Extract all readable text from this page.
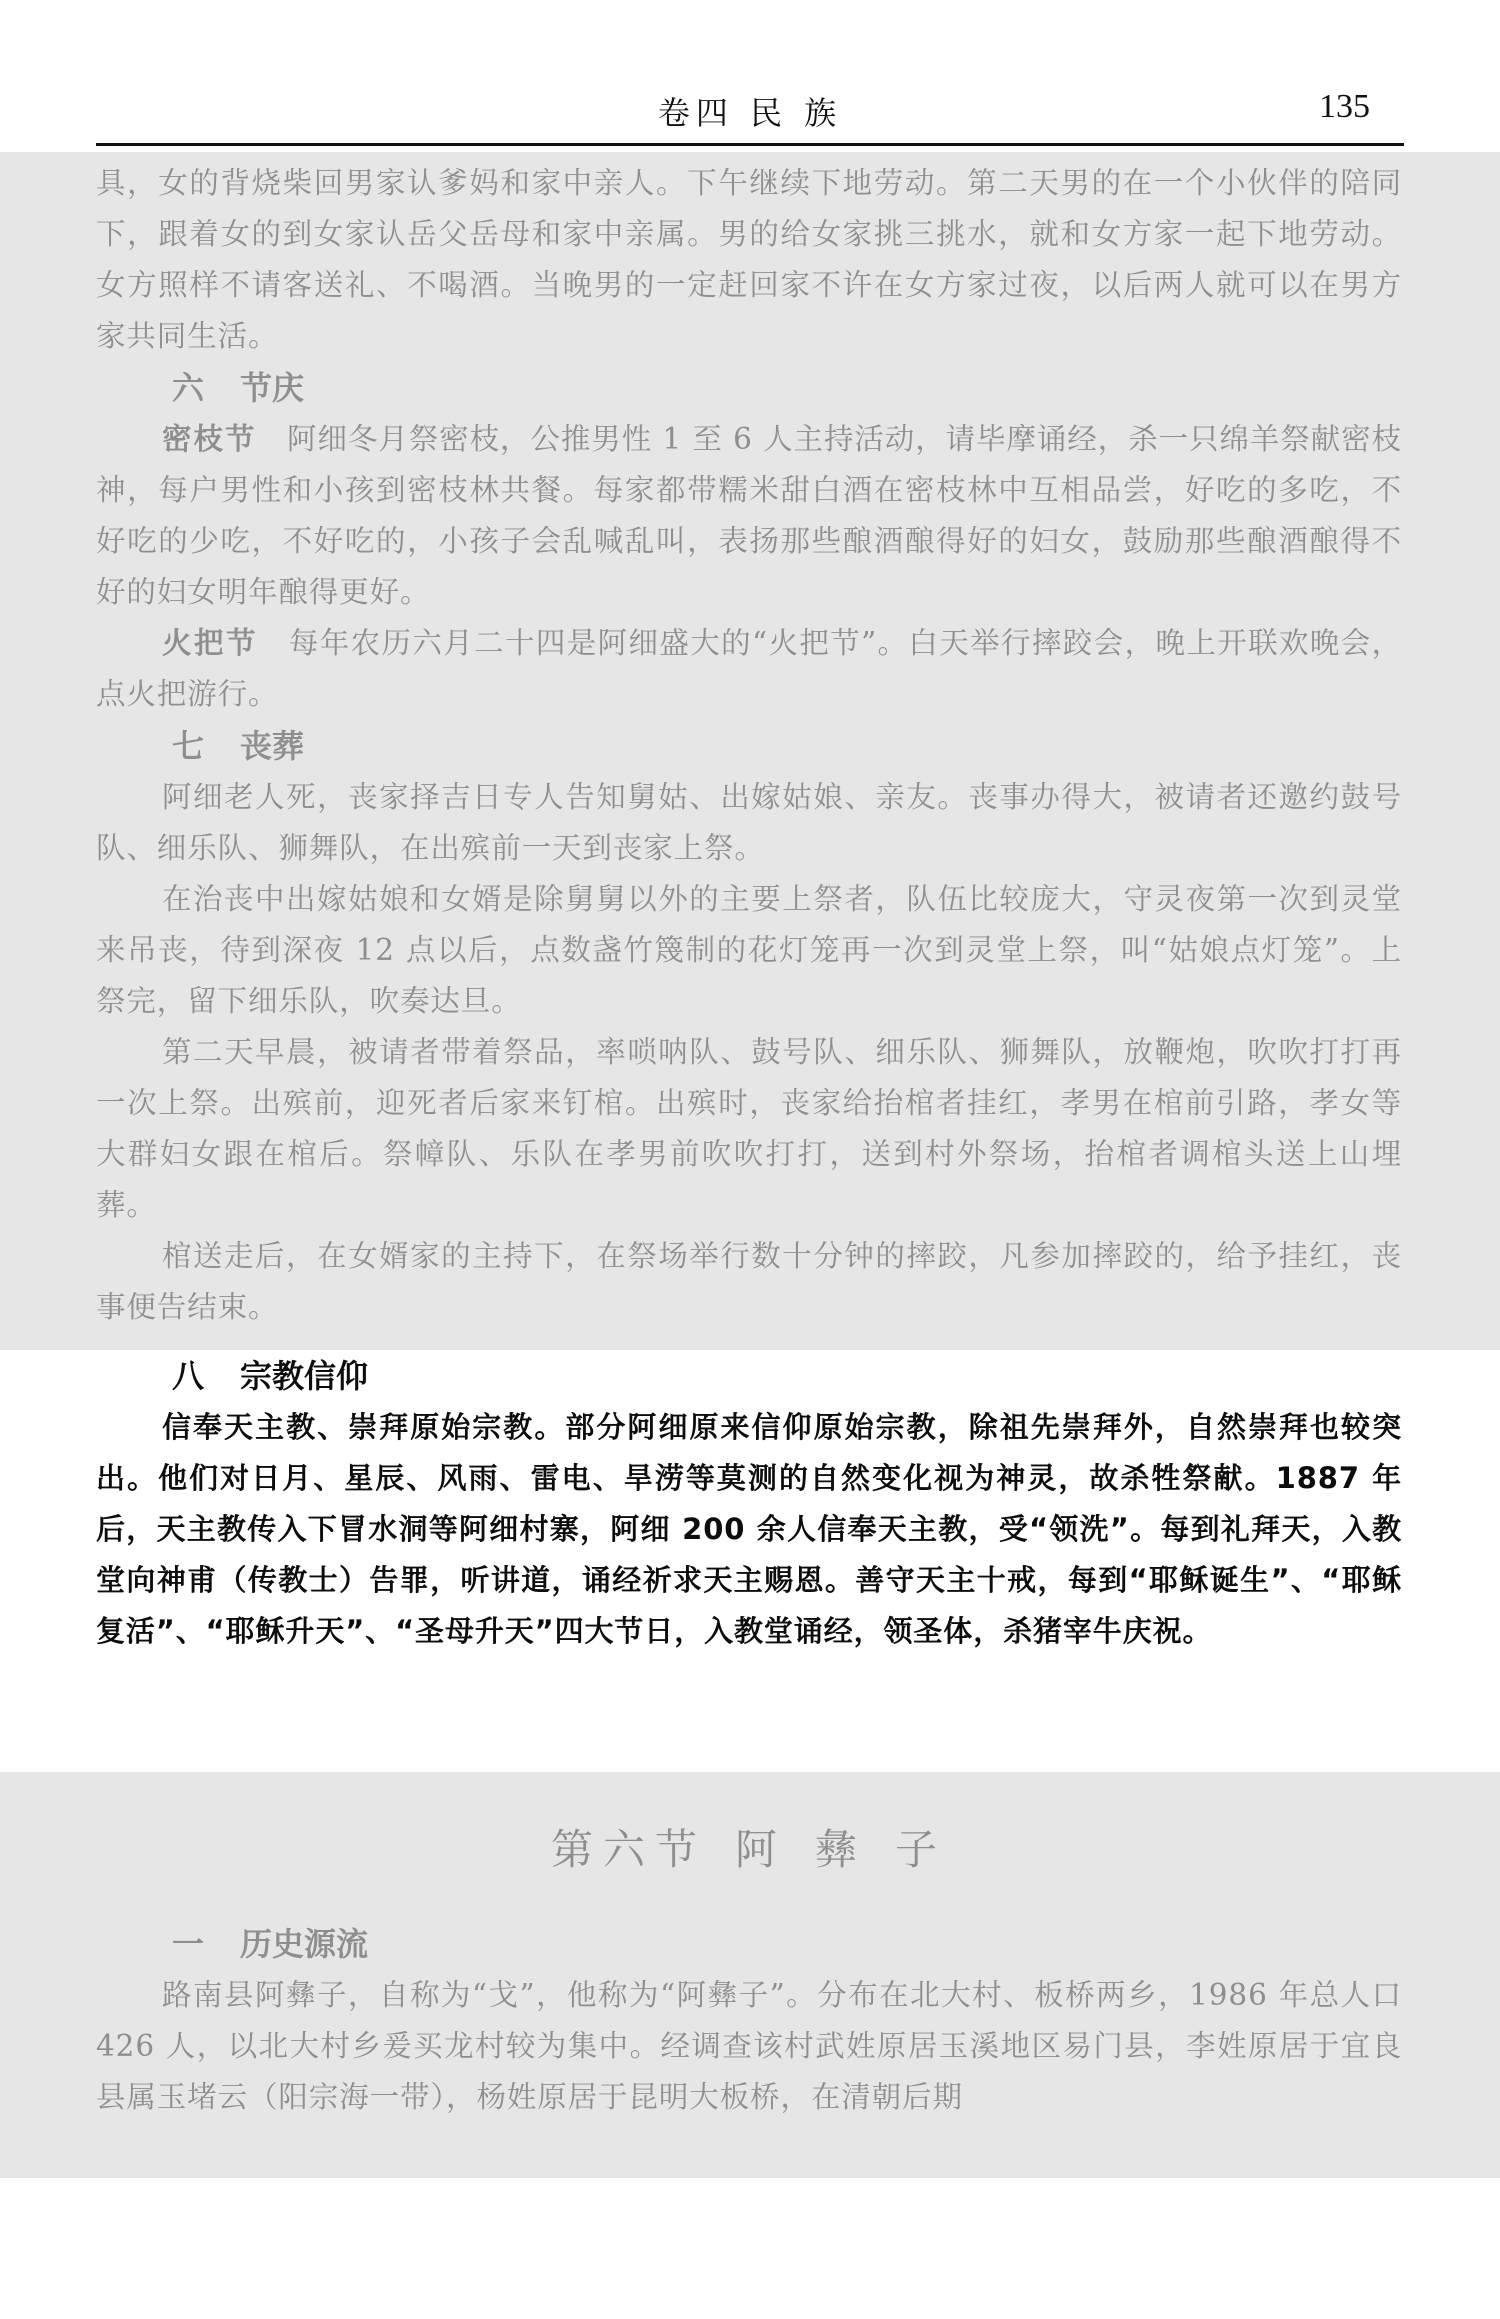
卷四 民 族	135

具，女的背烧柴回男家认爹妈和家中亲人。下午继续下地劳动。第二天男的在一个小伙伴的陪同下，跟着女的到女家认岳父岳母和家中亲属。男的给女家挑三挑水，就和女方家一起下地劳动。女方照样不请客送礼、不喝酒。当晚男的一定赶回家不许在女方家过夜，以后两人就可以在男方家共同生活。

六 节庆

密枝节　 阿细冬月祭密枝，公推男性 1 至 6 人主持活动，请毕摩诵经，杀一只绵羊祭献密枝神，每户男性和小孩到密枝林共餐。每家都带糯米甜白酒在密枝林中互相品尝，好吃的多吃，不好吃的少吃，不好吃的，小孩子会乱喊乱叫，表扬那些酿酒酿得好的妇女，鼓励那些酿酒酿得不好的妇女明年酿得更好。

火把节　 每年农历六月二十四是阿细盛大的“火把节”。白天举行摔跤会，晚上开联欢晚会，点火把游行。

七 丧葬

阿细老人死，丧家择吉日专人告知舅姑、出嫁姑娘、亲友。丧事办得大，被请者还邀约鼓号队、细乐队、狮舞队，在出殡前一天到丧家上祭。

在治丧中出嫁姑娘和女婿是除舅舅以外的主要上祭者，队伍比较庞大，守灵夜第一次到灵堂来吊丧，待到深夜 12 点以后，点数盏竹篾制的花灯笼再一次到灵堂上祭，叫“姑娘点灯笼”。上祭完，留下细乐队，吹奏达旦。

第二天早晨，被请者带着祭品，率唢呐队、鼓号队、细乐队、狮舞队，放鞭炮，吹吹打打再一次上祭。出殡前，迎死者后家来钉棺。出殡时，丧家给抬棺者挂红，孝男在棺前引路，孝女等大群妇女跟在棺后。祭幛队、乐队在孝男前吹吹打打，送到村外祭场，抬棺者调棺头送上山埋葬。

棺送走后，在女婿家的主持下，在祭场举行数十分钟的摔跤，凡参加摔跤的，给予挂红，丧事便告结束。

八 宗教信仰

信奉天主教、崇拜原始宗教。部分阿细原来信仰原始宗教，除祖先崇拜外，自然崇拜也较突出。他们对日月、星辰、风雨、雷电、旱涝等莫测的自然变化视为神灵，故杀牲祭献。1887 年后，天主教传入下冒水洞等阿细村寨，阿细 200 余人信奉天主教，受“领洗”。每到礼拜天，入教堂向神甫（传教士）告罪，听讲道，诵经祈求天主赐恩。善守天主十戒，每到“耶稣诞生”、“耶稣复活”、“耶稣升天”、“圣母升天”四大节日，入教堂诵经，领圣体，杀猪宰牛庆祝。

第六节 阿 彝 子
一 历史源流

路南县阿彝子，自称为“戈”，他称为“阿彝子”。分布在北大村、板桥两乡，1986 年总人口 426 人，以北大村乡爰买龙村较为集中。经调查该村武姓原居玉溪地区易门县，李姓原居于宜良县属玉堵云（阳宗海一带），杨姓原居于昆明大板桥，在清朝后期
